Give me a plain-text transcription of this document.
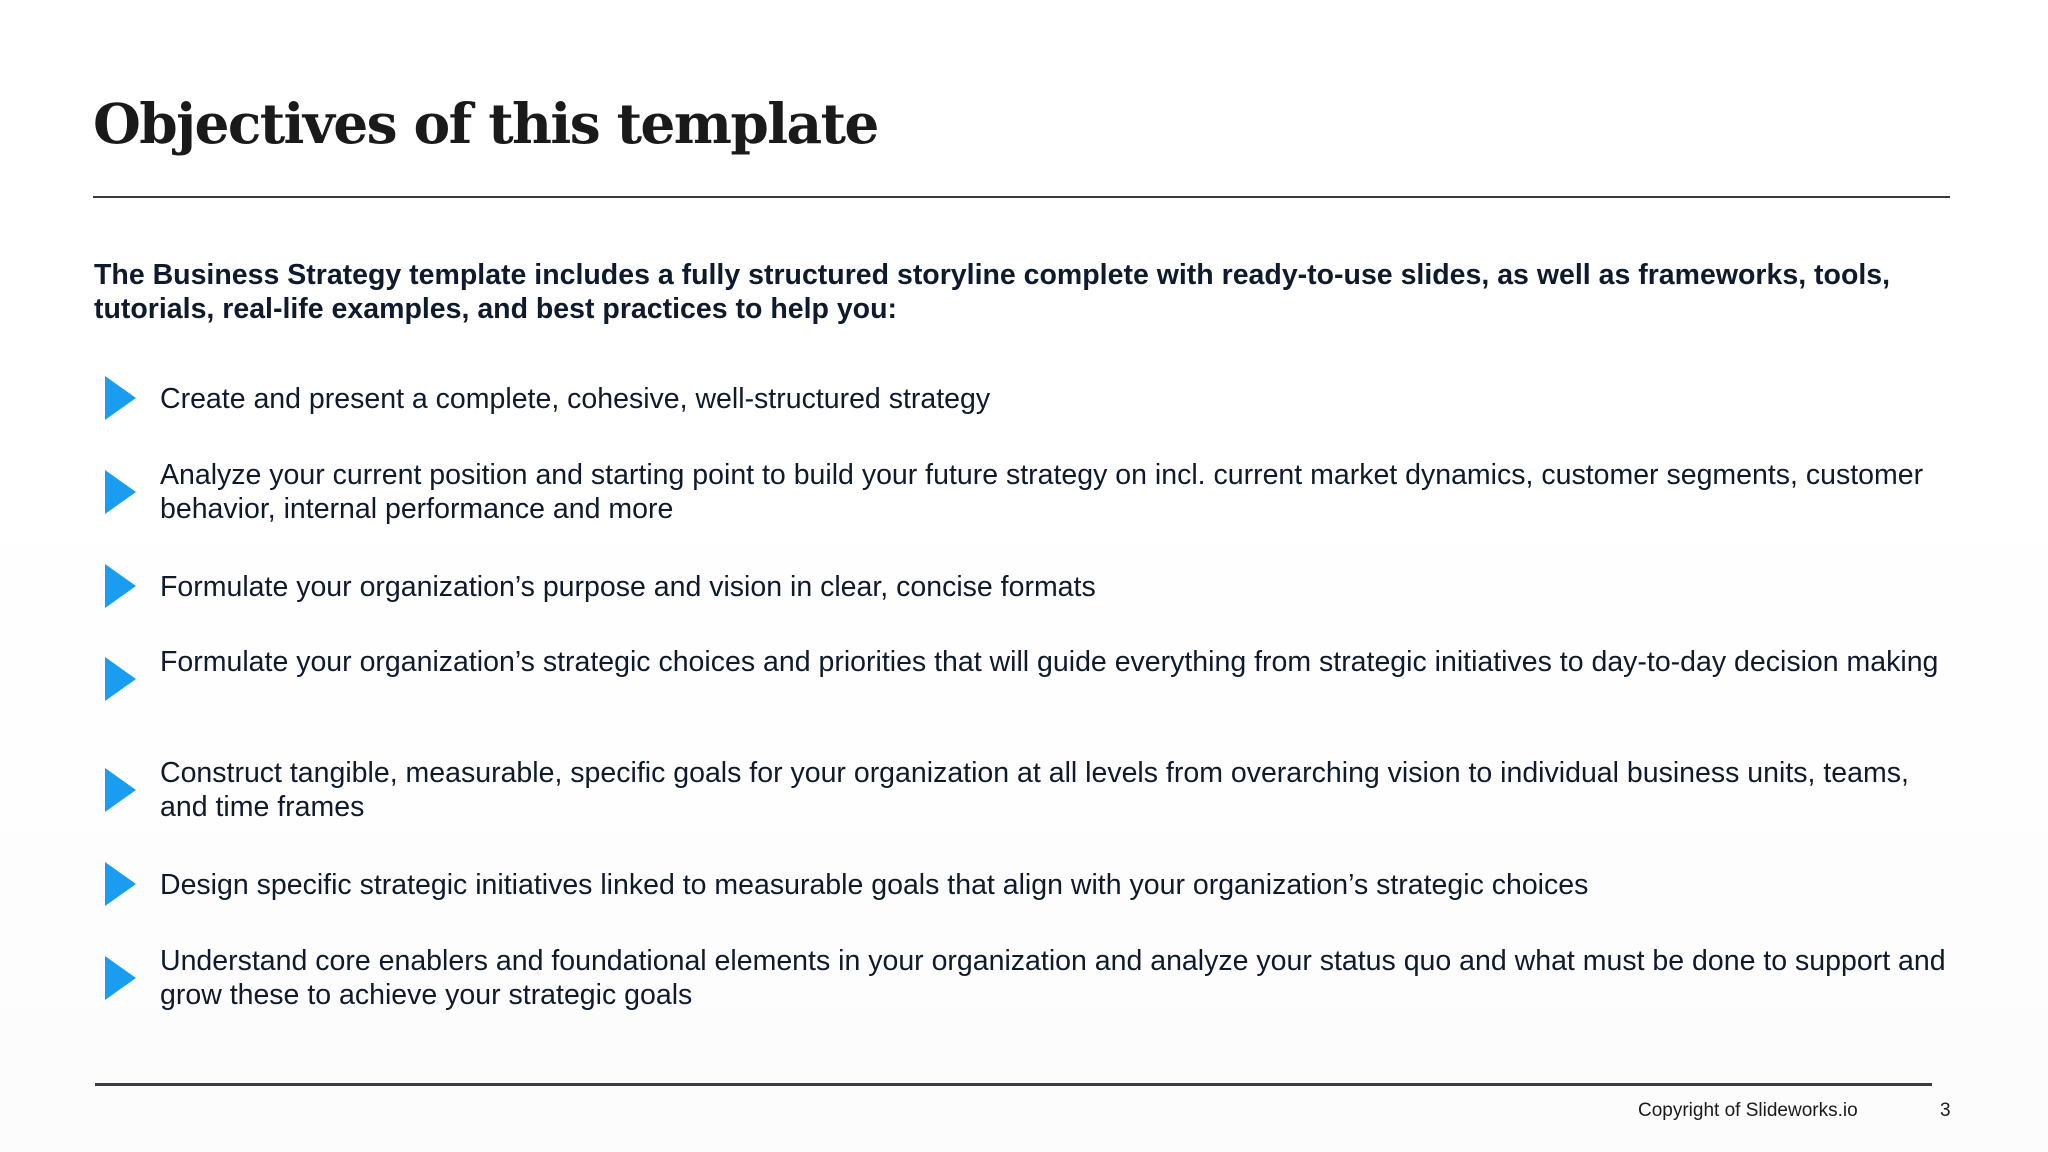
Objectives of this template

The Business Strategy template includes a fully structured storyline complete with ready-to-use slides, as well as frameworks, tools, tutorials, real-life examples, and best practices to help you:

Create and present a complete, cohesive, well-structured strategy
Analyze your current position and starting point to build your future strategy on incl. current market dynamics, customer segments, customer behavior, internal performance and more
Formulate your organization’s purpose and vision in clear, concise formats
Formulate your organization’s strategic choices and priorities that will guide everything from strategic initiatives to day-to-day decision making
Construct tangible, measurable, specific goals for your organization at all levels from overarching vision to individual business units, teams, and time frames
Design specific strategic initiatives linked to measurable goals that align with your organization’s strategic choices
Understand core enablers and foundational elements in your organization and analyze your status quo and what must be done to support and grow these to achieve your strategic goals
Copyright of Slideworks.io	3
